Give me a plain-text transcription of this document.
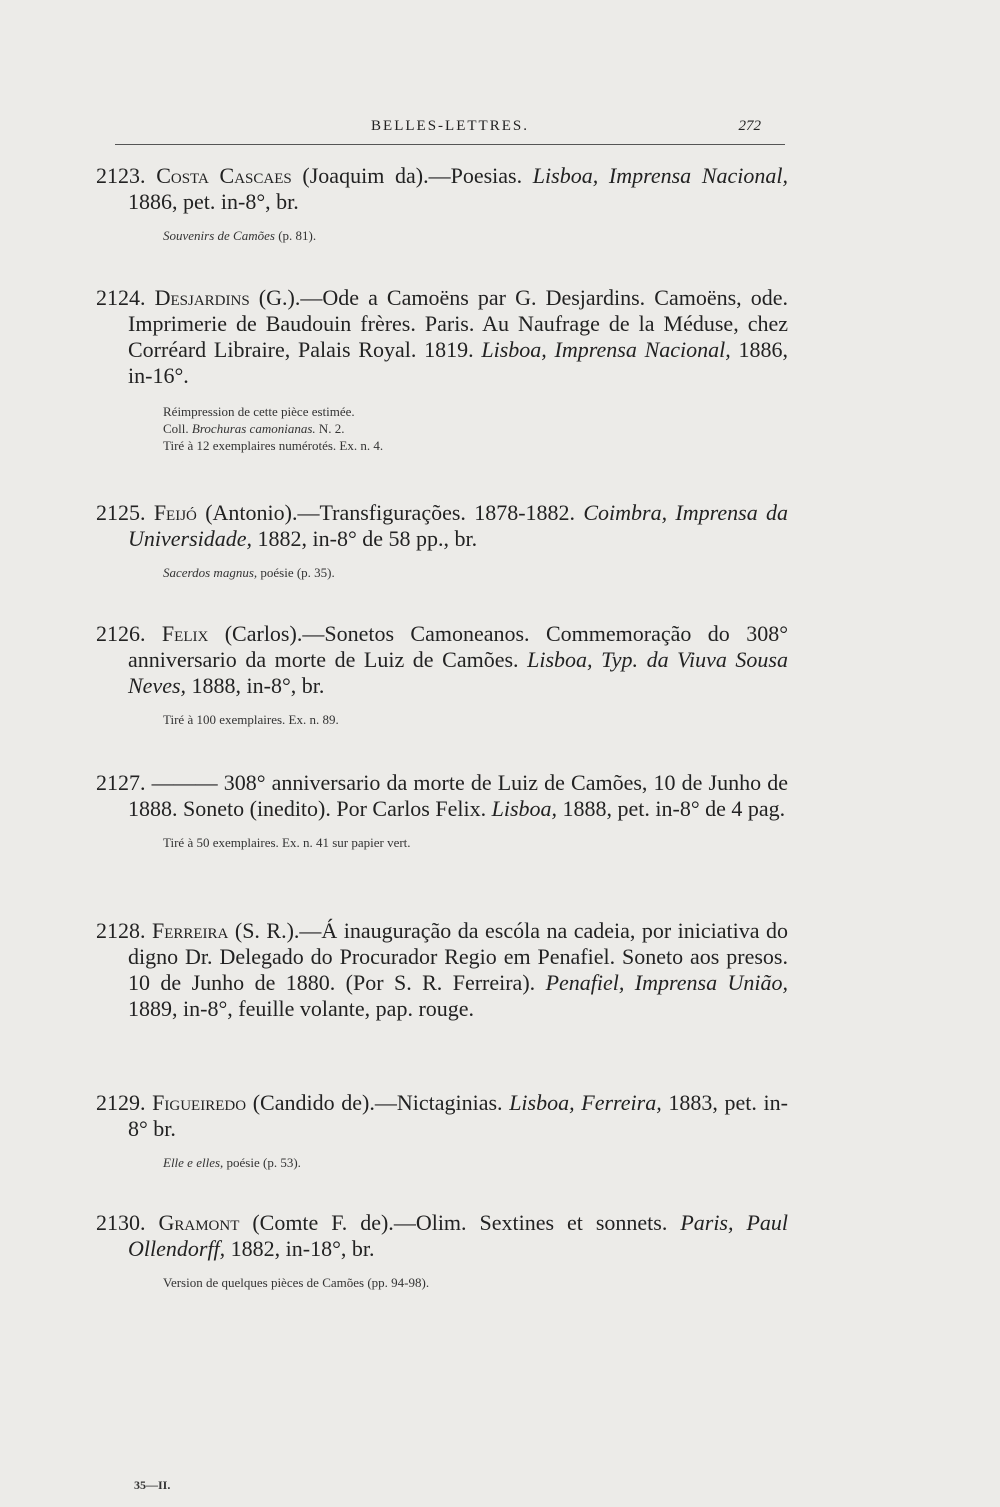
BELLES-LETTRES.	272

2123. Costa Cascaes (Joaquim da).—Poesias. Lisboa, Imprensa Nacional, 1886, pet. in-8°, br.

Souvenirs de Camões (p. 81).

2124. Desjardins (G.).—Ode a Camoëns par G. Desjardins. Camoëns, ode. Imprimerie de Baudouin frères. Paris. Au Naufrage de la Méduse, chez Corréard Libraire, Palais Royal. 1819. Lisboa, Imprensa Nacional, 1886, in-16°.

Réimpression de cette pièce estimée.
Coll. Brochuras camonianas. N. 2.
Tiré à 12 exemplaires numérotés. Ex. n. 4.

2125. Feijó (Antonio).—Transfigurações. 1878-1882. Coimbra, Imprensa da Universidade, 1882, in-8° de 58 pp., br.

Sacerdos magnus, poésie (p. 35).

2126. Felix (Carlos).—Sonetos Camoneanos. Commemoração do 308° anniversario da morte de Luiz de Camões. Lisboa, Typ. da Viuva Sousa Neves, 1888, in-8°, br.

Tiré à 100 exemplaires. Ex. n. 89.

2127. ——— 308° anniversario da morte de Luiz de Camões, 10 de Junho de 1888. Soneto (inedito). Por Carlos Felix. Lisboa, 1888, pet. in-8° de 4 pag.

Tiré à 50 exemplaires. Ex. n. 41 sur papier vert.

2128. Ferreira (S. R.).—Á inauguração da escóla na cadeia, por iniciativa do digno Dr. Delegado do Procurador Regio em Penafiel. Soneto aos presos. 10 de Junho de 1880. (Por S. R. Ferreira). Penafiel, Imprensa União, 1889, in-8°, feuille volante, pap. rouge.

2129. Figueiredo (Candido de).—Nictaginias. Lisboa, Ferreira, 1883, pet. in-8° br.

Elle e elles, poésie (p. 53).

2130. Gramont (Comte F. de).—Olim. Sextines et sonnets. Paris, Paul Ollendorff, 1882, in-18°, br.

Version de quelques pièces de Camões (pp. 94-98).
35—II.
